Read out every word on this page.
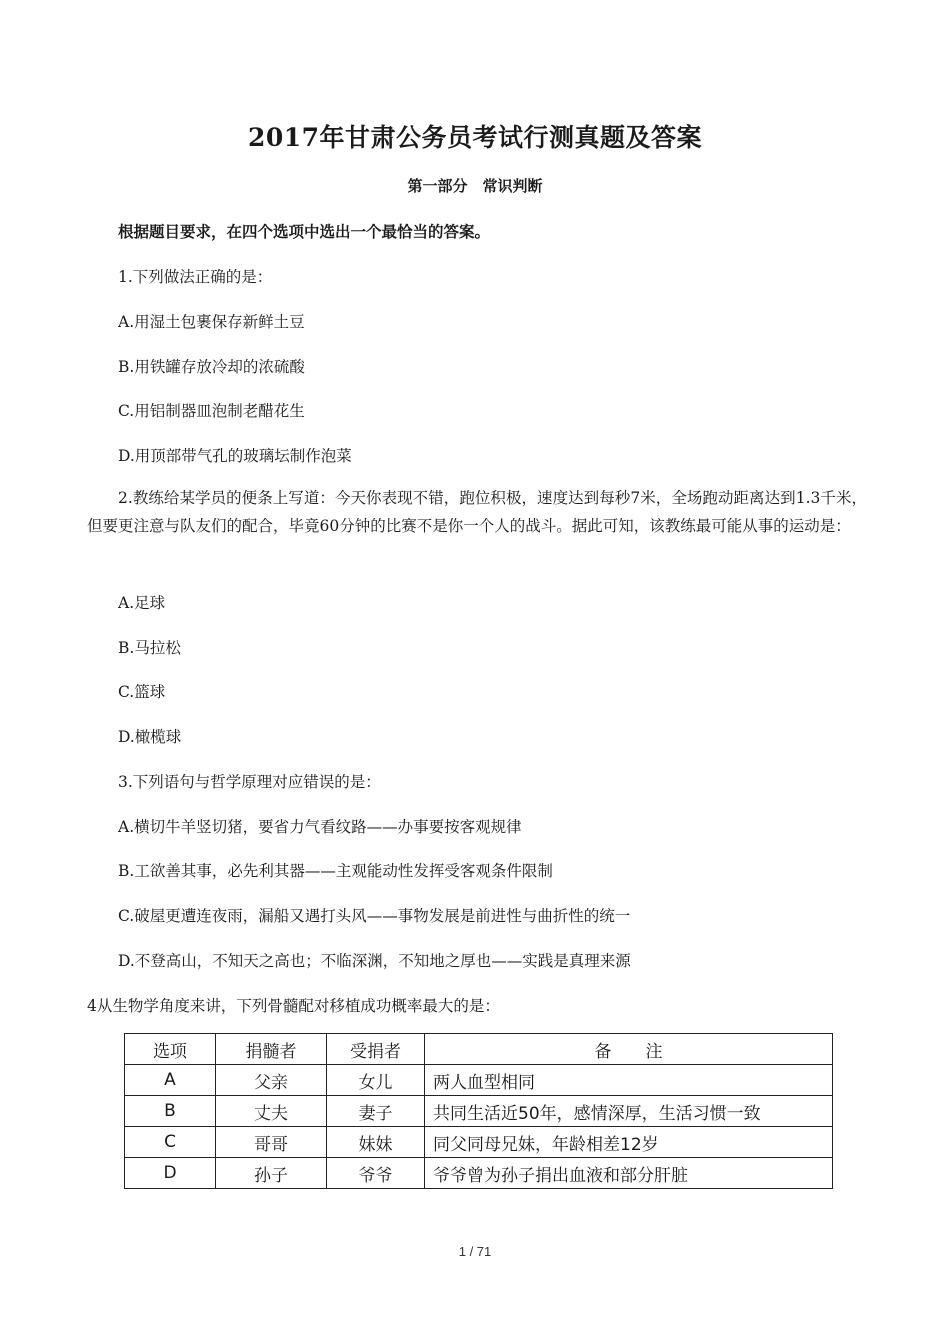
2017年甘肃公务员考试行测真题及答案
第一部分　常识判断
根据题目要求，在四个选项中选出一个最恰当的答案。
1.下列做法正确的是：
A.用湿土包裹保存新鲜土豆
B.用铁罐存放冷却的浓硫酸
C.用铝制器皿泡制老醋花生
D.用顶部带气孔的玻璃坛制作泡菜
2.教练给某学员的便条上写道：今天你表现不错，跑位积极，速度达到每秒7米，全场跑动距离达到1.3千米，但要更注意与队友们的配合，毕竟60分钟的比赛不是你一个人的战斗。据此可知，该教练最可能从事的运动是：
A.足球
B.马拉松
C.篮球
D.橄榄球
3.下列语句与哲学原理对应错误的是：
A.横切牛羊竖切猪，要省力气看纹路——办事要按客观规律
B.工欲善其事，必先利其器——主观能动性发挥受客观条件限制
C.破屋更遭连夜雨，漏船又遇打头风——事物发展是前进性与曲折性的统一
D.不登高山，不知天之高也；不临深渊，不知地之厚也——实践是真理来源
4从生物学角度来讲，下列骨髓配对移植成功概率最大的是：
选项	捐髓者	受捐者	备　　注
A	父亲	女儿	两人血型相同
B	丈夫	妻子	共同生活近50年，感情深厚，生活习惯一致
C	哥哥	妹妹	同父同母兄妹，年龄相差12岁
D	孙子	爷爷	爷爷曾为孙子捐出血液和部分肝脏
1 / 71
